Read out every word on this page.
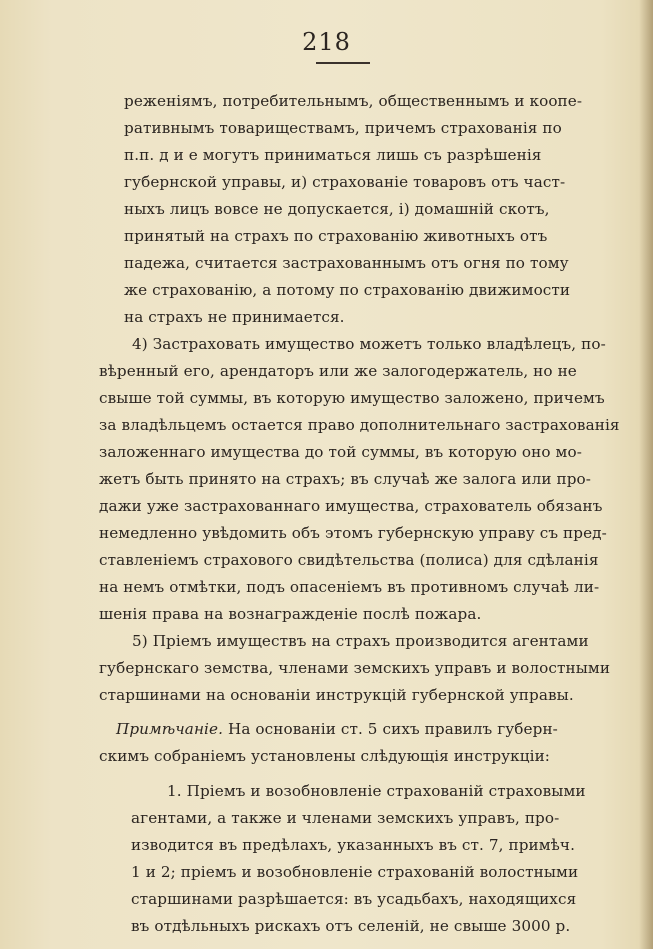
218
реженіямъ, потребительнымъ, общественнымъ и коопе-
ративнымъ товариществамъ, причемъ страхованія по
п.п. д и е могутъ приниматься лишь съ разрѣшенія
губернской управы, и) страхованіе товаровъ отъ част-
ныхъ лицъ вовсе не допускается, і) домашній скотъ,
принятый на страхъ по страхованію животныхъ отъ
падежа, считается застрахованнымъ отъ огня по тому
же страхованію, а потому по страхованію движимости
на страхъ не принимается.
4) Застраховать имущество можетъ только владѣлецъ, по-
вѣренный его, арендаторъ или же залогодержатель, но не
свыше той суммы, въ которую имущество заложено, причемъ
за владѣльцемъ остается право дополнительнаго застрахованія
заложеннаго имущества до той суммы, въ которую оно мо-
жетъ быть принято на страхъ; въ случаѣ же залога или про-
дажи уже застрахованнаго имущества, страхователь обязанъ
немедленно увѣдомить объ этомъ губернскую управу съ пред-
ставленіемъ страхового свидѣтельства (полиса) для сдѣланія
на немъ отмѣтки, подъ опасеніемъ въ противномъ случаѣ ли-
шенія права на вознагражденіе послѣ пожара.
5) Пріемъ имуществъ на страхъ производится агентами
губернскаго земства, членами земскихъ управъ и волостными
старшинами на основаніи инструкцій губернской управы.
Примѣчаніе. На основаніи ст. 5 сихъ правилъ губерн-
скимъ собраніемъ установлены слѣдующія инструкціи:
1. Пріемъ и возобновленіе страхованій страховыми
агентами, а также и членами земскихъ управъ, про-
изводится въ предѣлахъ, указанныхъ въ ст. 7, примѣч.
1 и 2; пріемъ и возобновленіе страхованій волостными
старшинами разрѣшается: въ усадьбахъ, находящихся
въ отдѣльныхъ рискахъ отъ селеній, не свыше 3000 р.
